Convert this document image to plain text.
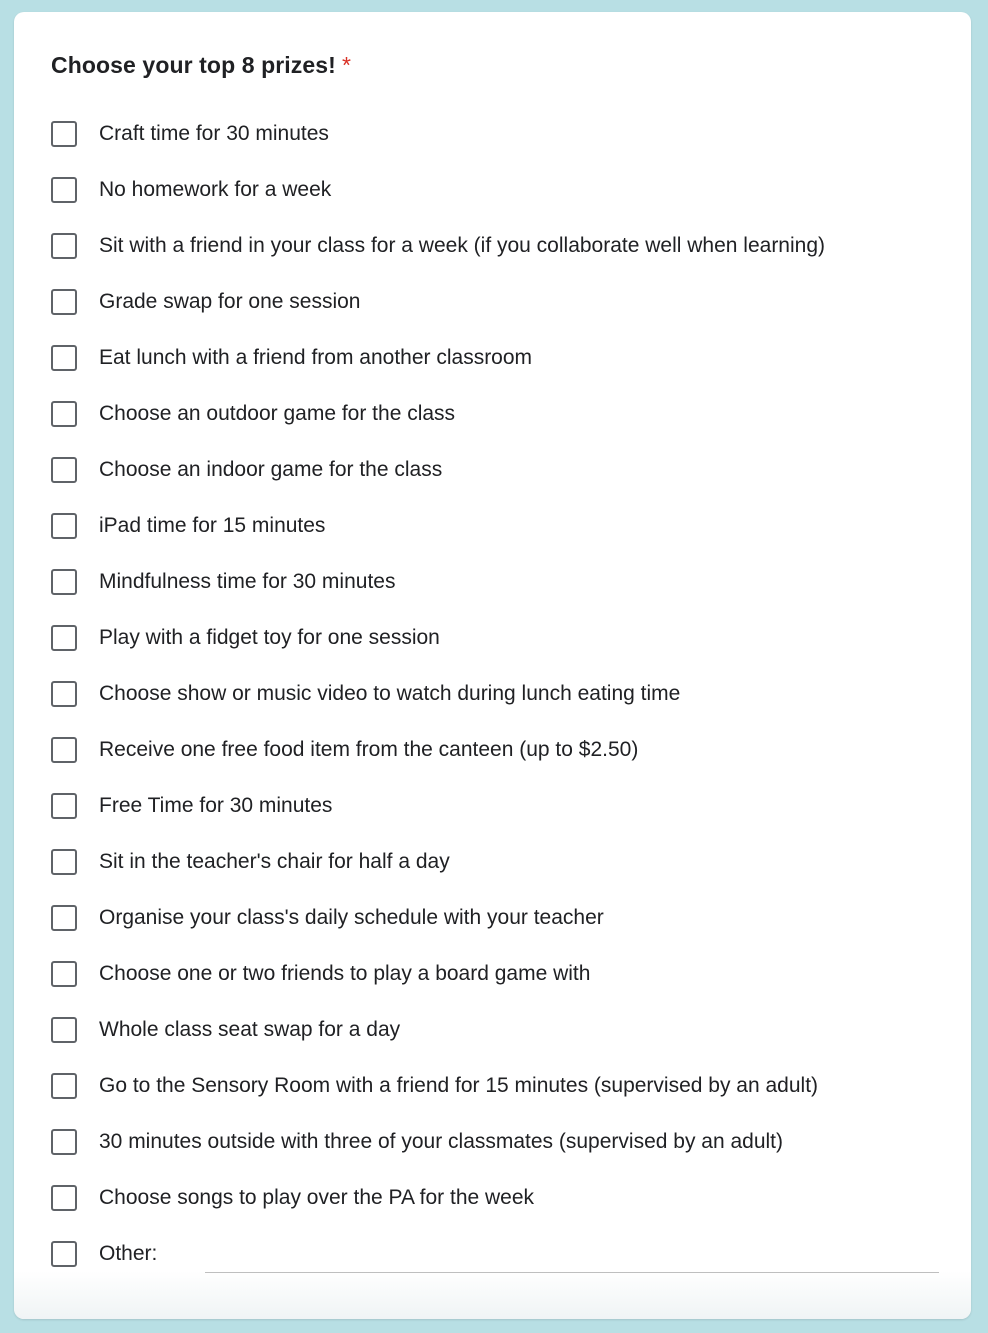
Choose your top 8 prizes! *
Craft time for 30 minutes
No homework for a week
Sit with a friend in your class for a week (if you collaborate well when learning)
Grade swap for one session
Eat lunch with a friend from another classroom
Choose an outdoor game for the class
Choose an indoor game for the class
iPad time for 15 minutes
Mindfulness time for 30 minutes
Play with a fidget toy for one session
Choose show or music video to watch during lunch eating time
Receive one free food item from the canteen (up to $2.50)
Free Time for 30 minutes
Sit in the teacher's chair for half a day
Organise your class's daily schedule with your teacher
Choose one or two friends to play a board game with
Whole class seat swap for a day
Go to the Sensory Room with a friend for 15 minutes (supervised by an adult)
30 minutes outside with three of your classmates (supervised by an adult)
Choose songs to play over the PA for the week
Other:
